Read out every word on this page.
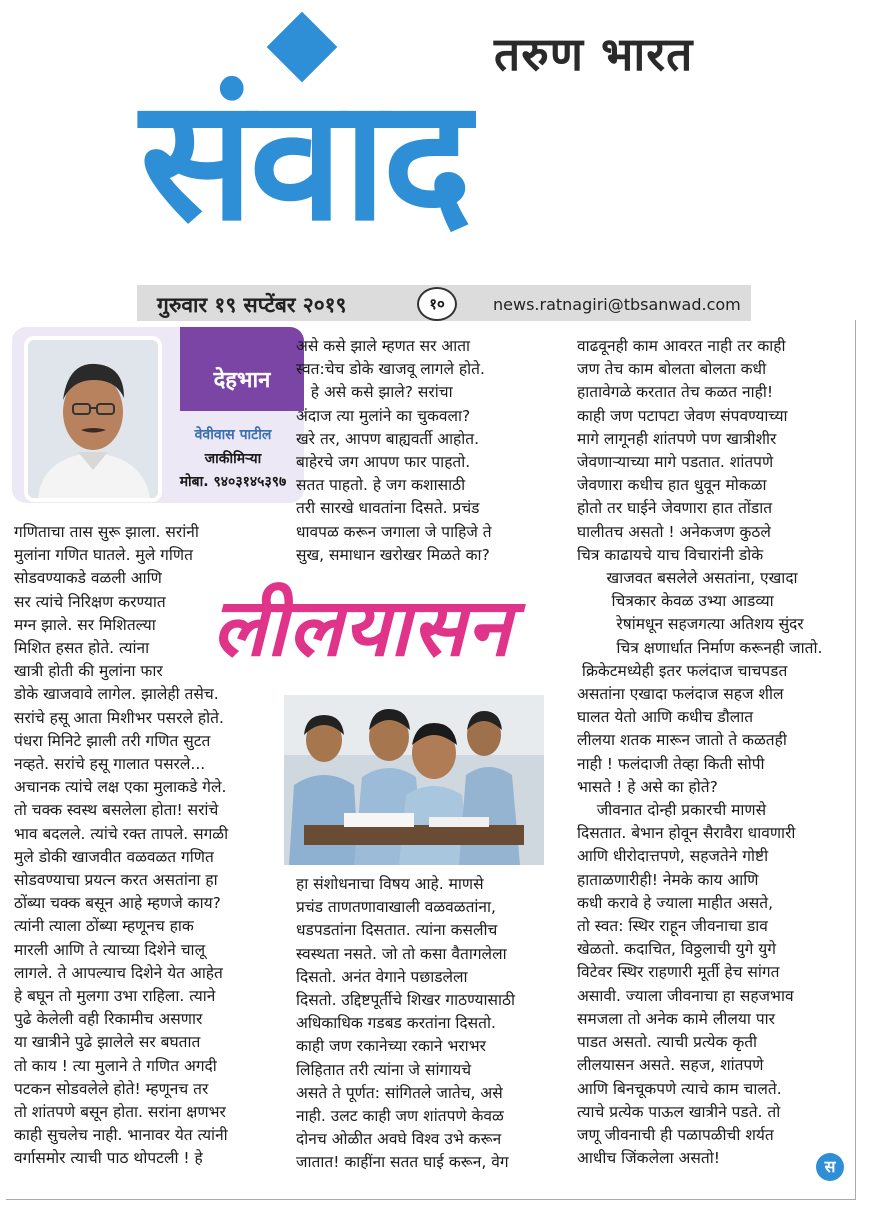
तरुण भारत
संवाद
गुरुवार १९ सप्टेंबर २०१९	१०	news.ratnagiri@tbsanwad.com
देहभान
वेवीवास पाटील
जाकीमिऱ्या
मोबा. ९४०३१४५३९७
गणिताचा तास सुरू झाला. सरांनी
मुलांना गणित घातले. मुले गणित
सोडवण्याकडे वळली आणि
सर त्यांचे निरिक्षण करण्यात
मग्न झाले. सर मिशितल्या
मिशित हसत होते. त्यांना
खात्री होती की मुलांना फार
डोके खाजवावे लागेल. झालेही तसेच.
सरांचे हसू आता मिशीभर पसरले होते.
पंधरा मिनिटे झाली तरी गणित सुटत
नव्हते. सरांचे हसू गालात पसरले...
अचानक त्यांचे लक्ष एका मुलाकडे गेले.
तो चक्क स्वस्थ बसलेला होता! सरांचे
भाव बदलले. त्यांचे रक्त तापले. सगळी
मुले डोकी खाजवीत वळवळत गणित
सोडवण्याचा प्रयत्न करत असतांना हा
ठोंब्या चक्क बसून आहे म्हणजे काय?
त्यांनी त्याला ठोंब्या म्हणूनच हाक
मारली आणि ते त्याच्या दिशेने चालू
लागले. ते आपल्याच दिशेने येत आहेत
हे बघून तो मुलगा उभा राहिला. त्याने
पुढे केलेली वही रिकामीच असणार
या खात्रीने पुढे झालेले सर बघतात
तो काय ! त्या मुलाने ते गणित अगदी
पटकन सोडवलेले होते! म्हणूनच तर
तो शांतपणे बसून होता. सरांना क्षणभर
काही सुचलेच नाही. भानावर येत त्यांनी
वर्गासमोर त्याची पाठ थोपटली ! हे
असे कसे झाले म्हणत सर आता
स्वत:चेच डोके खाजवू लागले होते.
हे असे कसे झाले? सरांचा
अंदाज त्या मुलांने का चुकवला?
खरे तर, आपण बाह्यवर्ती आहोत.
बाहेरचे जग आपण फार पाहतो.
सतत पाहतो. हे जग कशासाठी
तरी सारखे धावतांना दिसते. प्रचंड
धावपळ करून जगाला जे पाहिजे ते
सुख, समाधान खरोखर मिळते का?
हा संशोधनाचा विषय आहे. माणसे
प्रचंड ताणतणावाखाली वळवळतांना,
धडपडतांना दिसतात. त्यांना कसलीच
स्वस्थता नसते. जो तो कसा वैतागलेला
दिसतो. अनंत वेगाने पछाडलेला
दिसतो. उद्दिष्टपूर्तीचे शिखर गाठण्यासाठी
अधिकाधिक गडबड करतांना दिसतो.
काही जण रकानेच्या रकाने भराभर
लिहितात तरी त्यांना जे सांगायचे
असते ते पूर्णत: सांगितले जातेच, असे
नाही. उलट काही जण शांतपणे केवळ
दोनच ओळीत अवघे विश्व उभे करून
जातात! काहींना सतत घाई करून, वेग
वाढवूनही काम आवरत नाही तर काही
जण तेच काम बोलता बोलता कधी
हातावेगळे करतात तेच कळत नाही!
काही जण पटापटा जेवण संपवण्याच्या
मागे लागूनही शांतपणे पण खात्रीशीर
जेवणाऱ्याच्या मागे पडतात. शांतपणे
जेवणारा कधीच हात धुवून मोकळा
होतो तर घाईने जेवणारा हात तोंडात
घालीतच असतो ! अनेकजण कुठले
चित्र काढायचे याच विचारांनी डोके
खाजवत बसलेले असतांना, एखादा
चित्रकार केवळ उभ्या आडव्या
रेषांमधून सहजगत्या अतिशय सुंदर
चित्र क्षणार्धात निर्माण करूनही जातो.
क्रिकेटमध्येही इतर फलंदाज चाचपडत
असतांना एखादा फलंदाज सहज शील
घालत येतो आणि कधीच डौलात
लीलया शतक मारून जातो ते कळतही
नाही ! फलंदाजी तेव्हा किती सोपी
भासते ! हे असे का होते?
जीवनात दोन्ही प्रकारची माणसे
दिसतात. बेभान होवून सैरावैरा धावणारी
आणि धीरोदात्तपणे, सहजतेने गोष्टी
हाताळणारीही! नेमके काय आणि
कधी करावे हे ज्याला माहीत असते,
तो स्वत: स्थिर राहून जीवनाचा डाव
खेळतो. कदाचित, विठ्ठलाची युगे युगे
विटेवर स्थिर राहणारी मूर्ती हेच सांगत
असावी. ज्याला जीवनाचा हा सहजभाव
समजला तो अनेक कामे लीलया पार
पाडत असतो. त्याची प्रत्येक कृती
लीलयासन असते. सहज, शांतपणे
आणि बिनचूकपणे त्याचे काम चालते.
त्याचे प्रत्येक पाऊल खात्रीने पडते. तो
जणू जीवनाची ही पळापळीची शर्यत
आधीच जिंकलेला असतो!
लीलयासन
स
